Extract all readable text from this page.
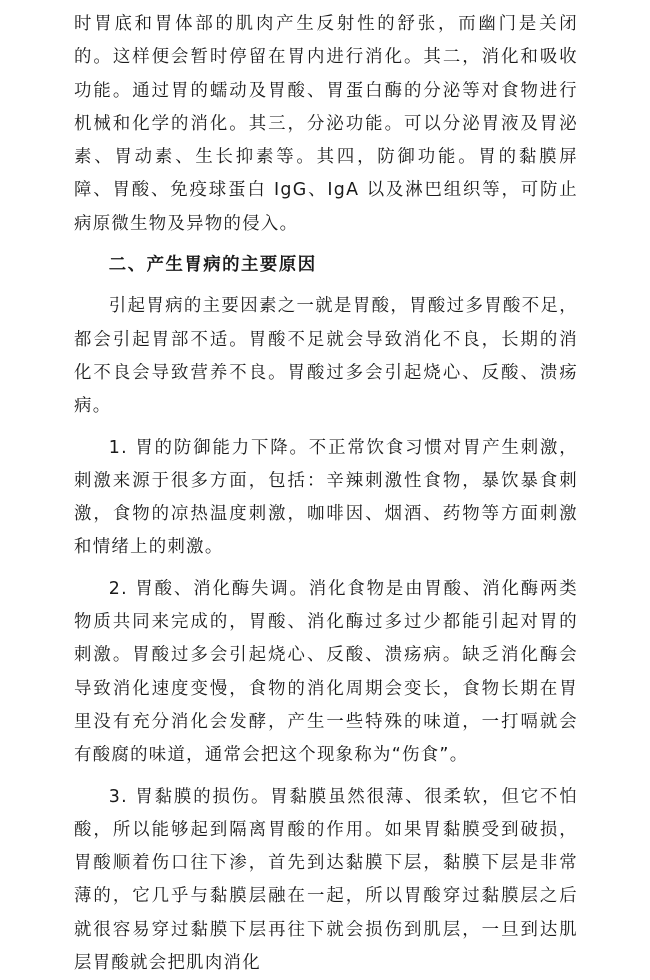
时胃底和胃体部的肌肉产生反射性的舒张，而幽门是关闭的。这样便会暂时停留在胃内进行消化。其二，消化和吸收功能。通过胃的蠕动及胃酸、胃蛋白酶的分泌等对食物进行机械和化学的消化。其三，分泌功能。可以分泌胃液及胃泌素、胃动素、生长抑素等。其四，防御功能。胃的黏膜屏障、胃酸、免疫球蛋白 IgG、IgA 以及淋巴组织等，可防止病原微生物及异物的侵入。

二、产生胃病的主要原因

引起胃病的主要因素之一就是胃酸，胃酸过多胃酸不足，都会引起胃部不适。胃酸不足就会导致消化不良，长期的消化不良会导致营养不良。胃酸过多会引起烧心、反酸、溃疡病。

1. 胃的防御能力下降。不正常饮食习惯对胃产生刺激，刺激来源于很多方面，包括：辛辣刺激性食物，暴饮暴食刺激，食物的凉热温度刺激，咖啡因、烟酒、药物等方面刺激和情绪上的刺激。

2. 胃酸、消化酶失调。消化食物是由胃酸、消化酶两类物质共同来完成的，胃酸、消化酶过多过少都能引起对胃的刺激。胃酸过多会引起烧心、反酸、溃疡病。缺乏消化酶会导致消化速度变慢，食物的消化周期会变长，食物长期在胃里没有充分消化会发酵，产生一些特殊的味道，一打嗝就会有酸腐的味道，通常会把这个现象称为“伤食”。

3. 胃黏膜的损伤。胃黏膜虽然很薄、很柔软，但它不怕酸，所以能够起到隔离胃酸的作用。如果胃黏膜受到破损，胃酸顺着伤口往下渗，首先到达黏膜下层，黏膜下层是非常薄的，它几乎与黏膜层融在一起，所以胃酸穿过黏膜层之后就很容易穿过黏膜下层再往下就会损伤到肌层，一旦到达肌层胃酸就会把肌肉消化
